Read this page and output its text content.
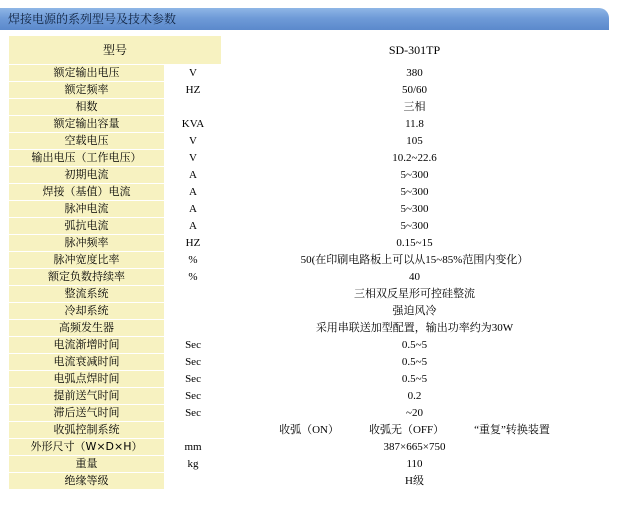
焊接电源的系列型号及技术参数
型号		SD-301TP
额定输出电压	V	380
额定频率	HZ	50/60
相数		三相
额定输出容量	KVA	11.8
空载电压	V	105
输出电压（工作电压）	V	10.2~22.6
初期电流	A	5~300
焊接（基值）电流	A	5~300
脉冲电流	A	5~300
弧抗电流	A	5~300
脉冲频率	HZ	0.15~15
脉冲宽度比率	%	50(在印刷电路板上可以从15~85%范围内变化）
额定负数持续率	%	40
整流系统		三相双反星形可控硅整流
冷却系统		强迫风冷
高频发生器		采用串联送加型配置，输出功率约为30W
电流渐增时间	Sec	0.5~5
电流衰减时间	Sec	0.5~5
电弧点焊时间	Sec	0.5~5
提前送气时间	Sec	0.2
滞后送气时间	Sec	~20
收弧控制系统		收弧（ON） 收弧无（OFF） “重复”转换装置
外形尺寸（W×D×H）	mm	387×665×750
重量	kg	110
绝缘等级		H级
